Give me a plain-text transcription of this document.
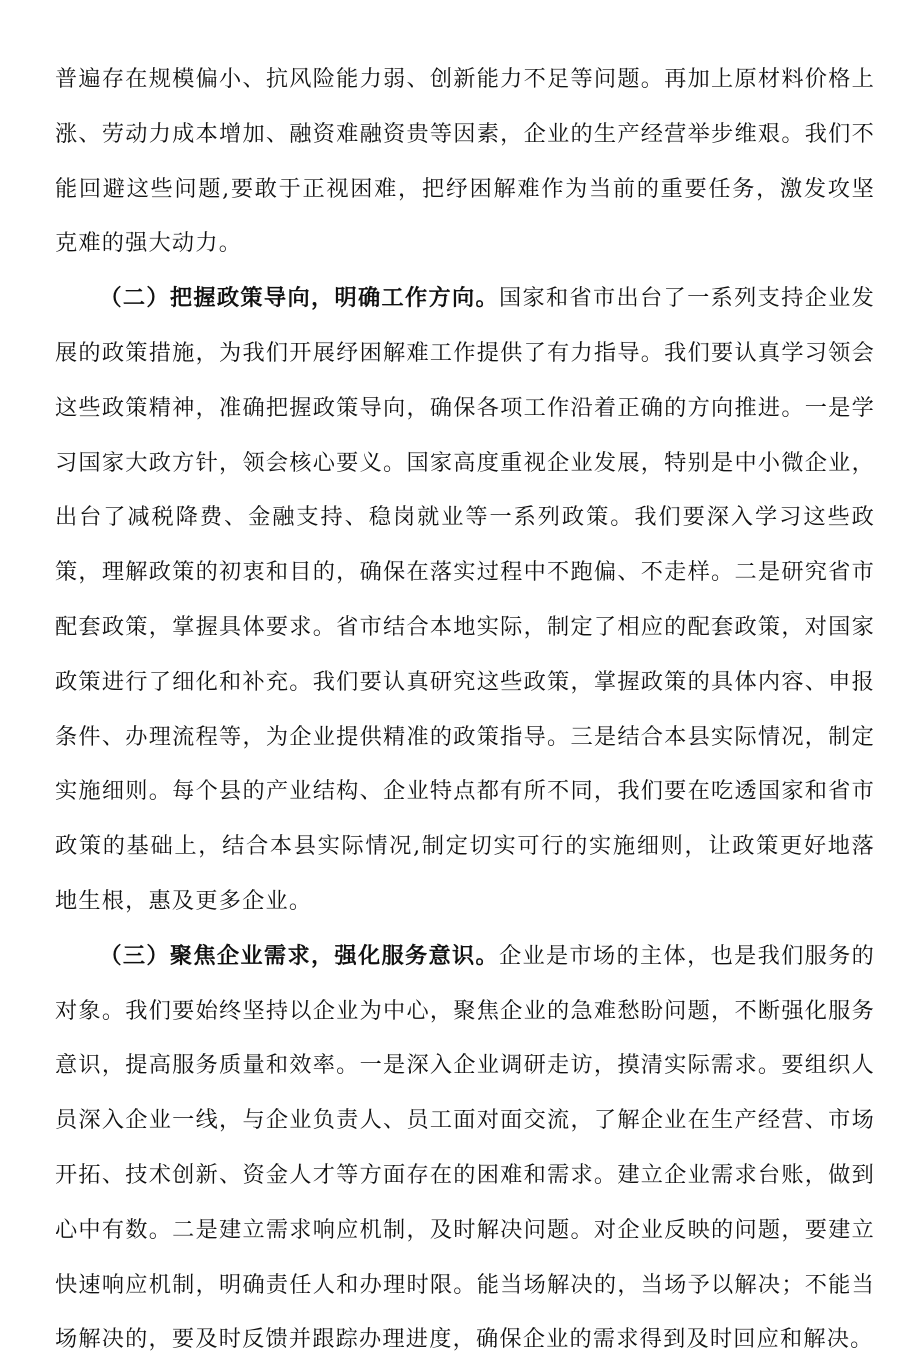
普遍存在规模偏小、抗风险能力弱、创新能力不足等问题。再加上原材料价格上涨、劳动力成本增加、融资难融资贵等因素，企业的生产经营举步维艰。我们不能回避这些问题,要敢于正视困难，把纾困解难作为当前的重要任务，激发攻坚克难的强大动力。

（二）把握政策导向，明确工作方向。国家和省市出台了一系列支持企业发展的政策措施，为我们开展纾困解难工作提供了有力指导。我们要认真学习领会这些政策精神，准确把握政策导向，确保各项工作沿着正确的方向推进。一是学习国家大政方针，领会核心要义。国家高度重视企业发展，特别是中小微企业，出台了减税降费、金融支持、稳岗就业等一系列政策。我们要深入学习这些政策，理解政策的初衷和目的，确保在落实过程中不跑偏、不走样。二是研究省市配套政策，掌握具体要求。省市结合本地实际，制定了相应的配套政策，对国家政策进行了细化和补充。我们要认真研究这些政策，掌握政策的具体内容、申报条件、办理流程等，为企业提供精准的政策指导。三是结合本县实际情况，制定实施细则。每个县的产业结构、企业特点都有所不同，我们要在吃透国家和省市政策的基础上，结合本县实际情况,制定切实可行的实施细则，让政策更好地落地生根，惠及更多企业。

（三）聚焦企业需求，强化服务意识。企业是市场的主体，也是我们服务的对象。我们要始终坚持以企业为中心，聚焦企业的急难愁盼问题，不断强化服务意识，提高服务质量和效率。一是深入企业调研走访，摸清实际需求。要组织人员深入企业一线，与企业负责人、员工面对面交流，了解企业在生产经营、市场开拓、技术创新、资金人才等方面存在的困难和需求。建立企业需求台账，做到心中有数。二是建立需求响应机制，及时解决问题。对企业反映的问题，要建立快速响应机制，明确责任人和办理时限。能当场解决的，当场予以解决；不能当场解决的，要及时反馈并跟踪办理进度，确保企业的需求得到及时回应和解决。
